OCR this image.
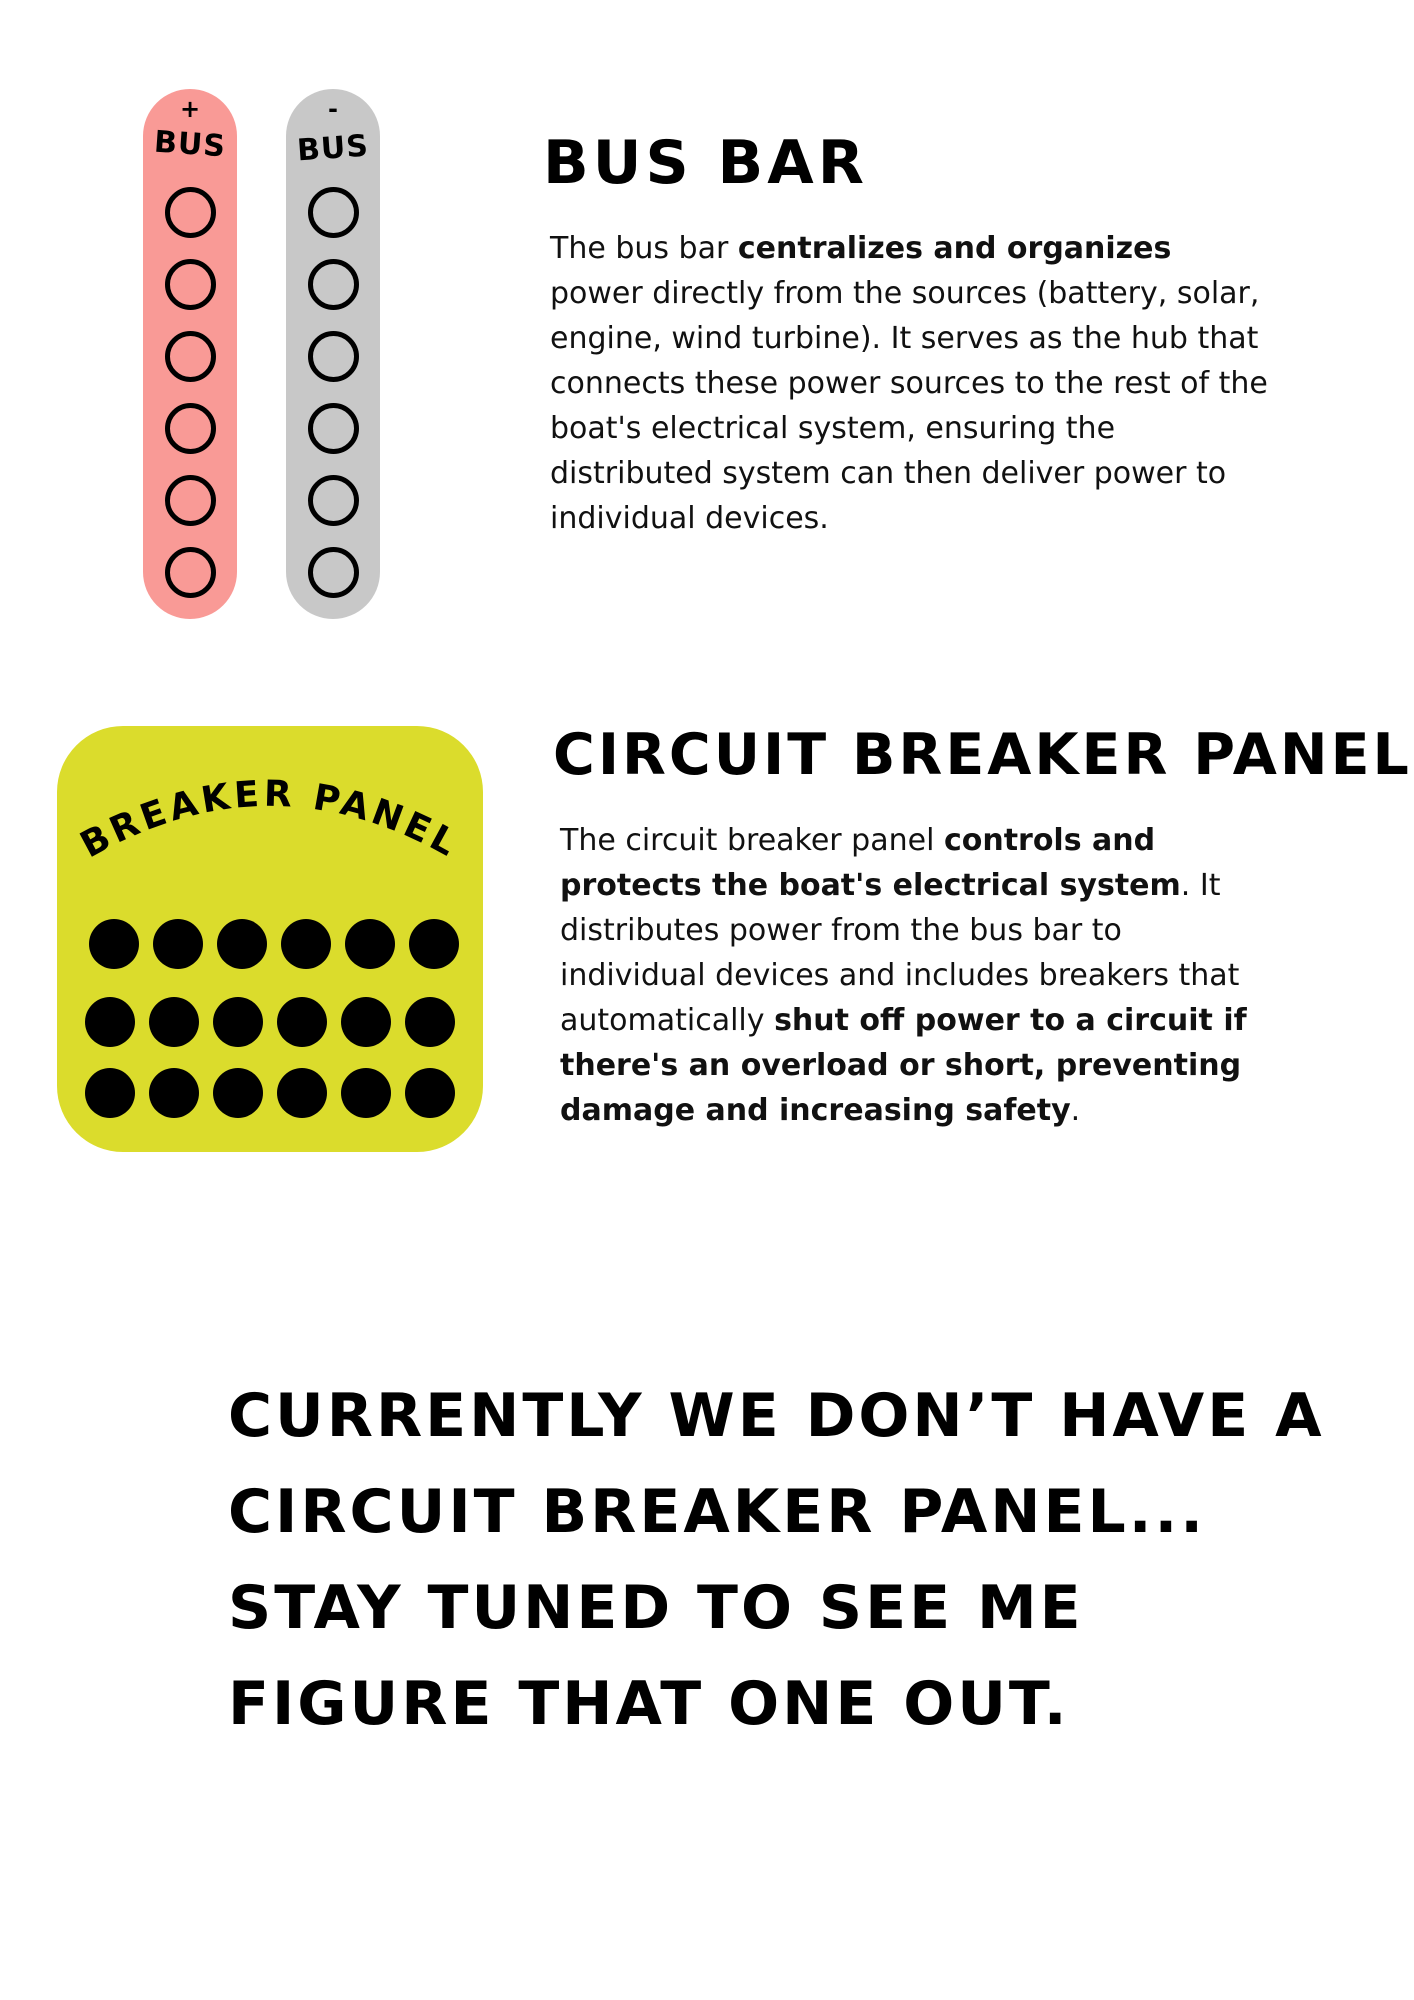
+
BUS
-
BUS	BUS BAR

The bus bar centralizes and organizes power directly from the sources (battery, solar, engine, wind turbine). It serves as the hub that connects these power sources to the rest of the boat's electrical system, ensuring the distributed system can then deliver power to individual devices.

BREAKER PANEL
CIRCUIT BREAKER PANEL

The circuit breaker panel controls and protects the boat's electrical system. It distributes power from the bus bar to individual devices and includes breakers that automatically shut off power to a circuit if there's an overload or short, preventing damage and increasing safety.

CURRENTLY WE DON’T HAVE A
CIRCUIT BREAKER PANEL...
STAY TUNED TO SEE ME
FIGURE THAT ONE OUT.
